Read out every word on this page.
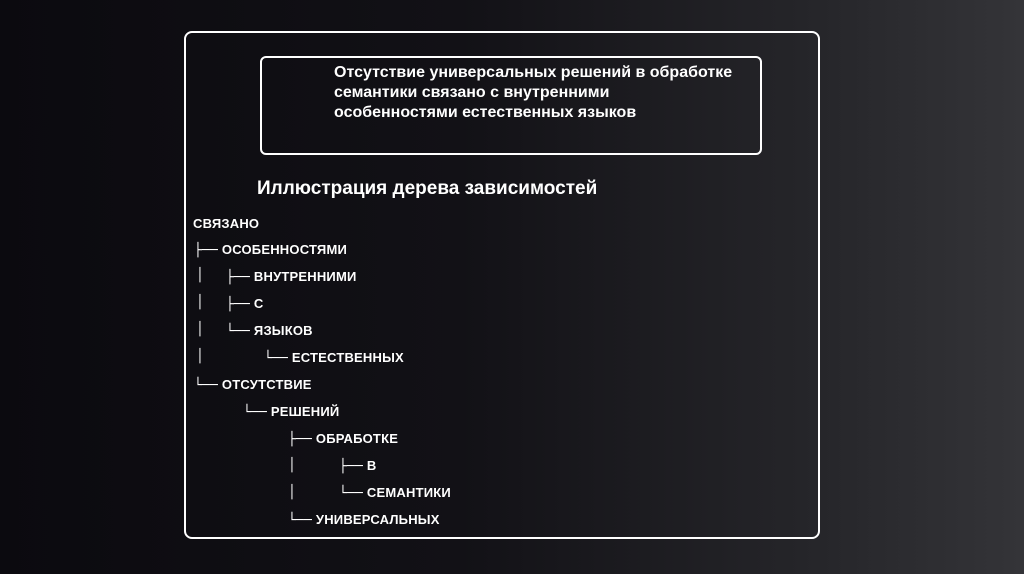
Отсутствие универсальных решений в обработке семантики связано с внутренними особенностями естественных языков

Иллюстрация дерева зависимостей
СВЯЗАНО
├── ОСОБЕННОСТЯМИ
│
│
│
│
├── ВНУТРЕННИМИ
├── С
└── ЯЗЫКОВ
└── ЕСТЕСТВЕННЫХ
└── ОТСУТСТВИЕ
└── РЕШЕНИЙ
├── ОБРАБОТКЕ
│
│
├── В
└── СЕМАНТИКИ
└── УНИВЕРСАЛЬНЫХ
